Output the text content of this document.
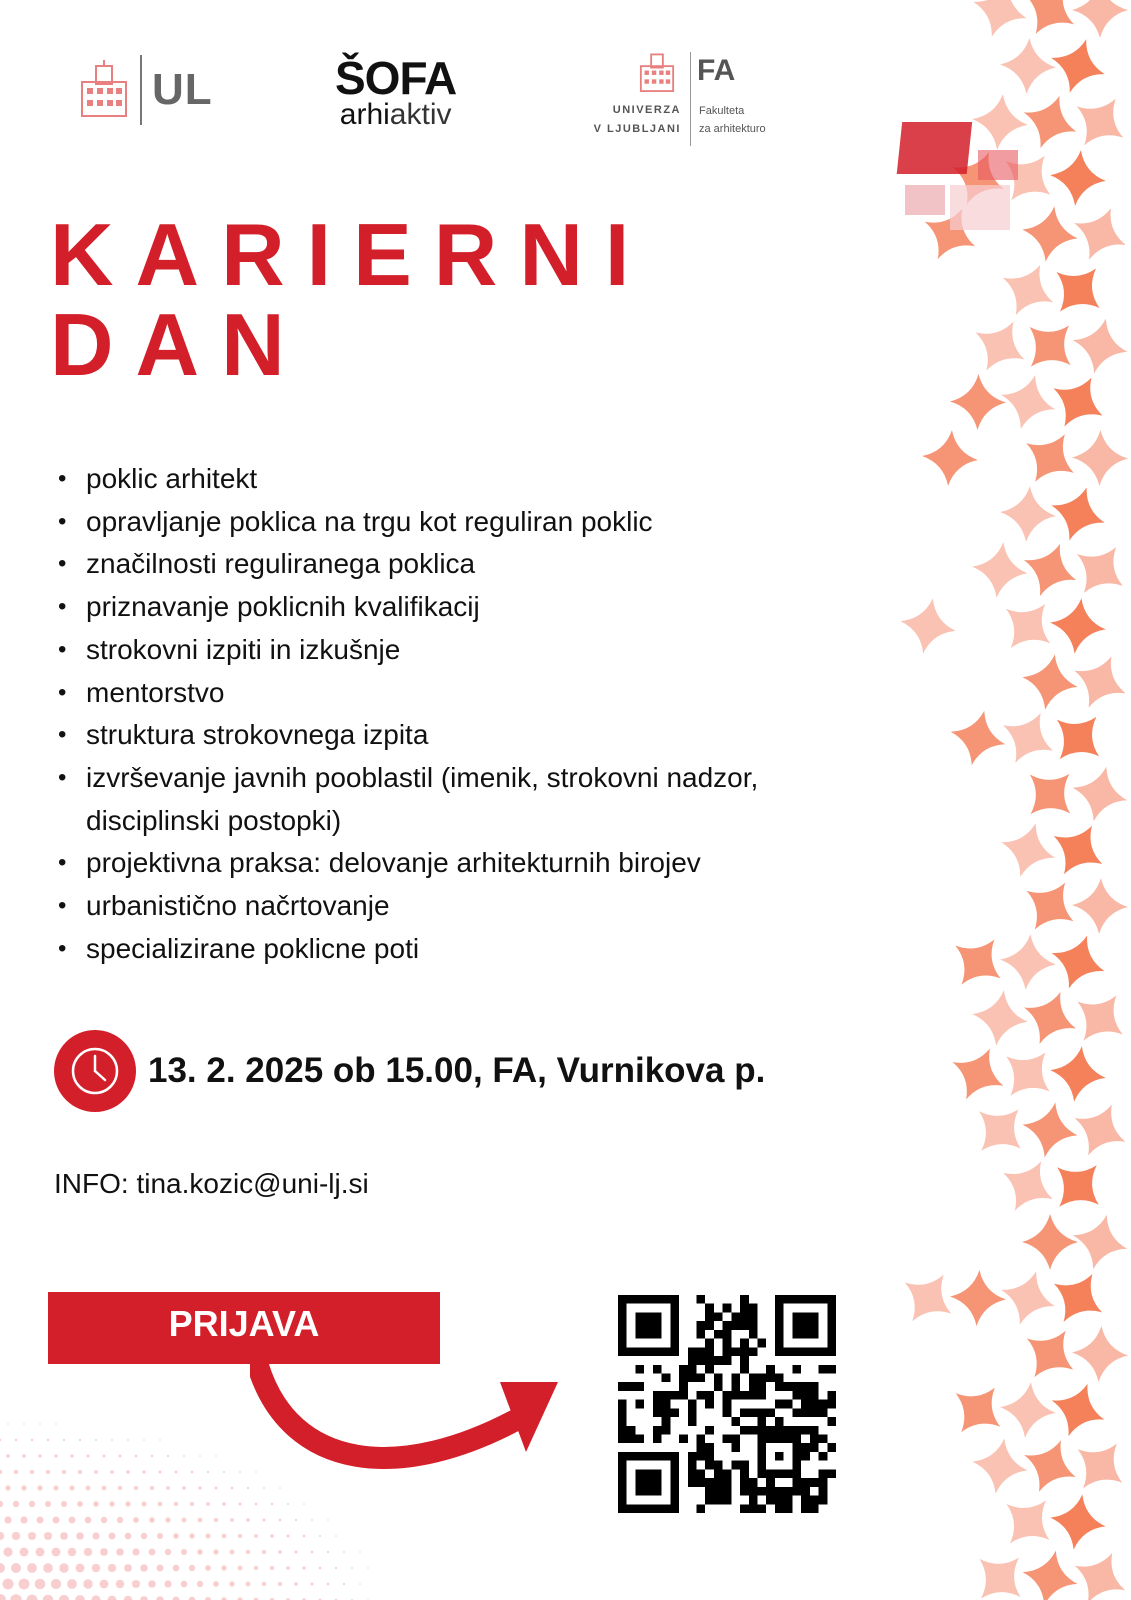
UL	ŠOFA
arhiaktiv
FA
UNIVERZA
V LJUBLJANI
Fakulteta
za arhitekturo
KARIERNI
DAN
• poklic arhitekt
• opravljanje poklica na trgu kot reguliran poklic
• značilnosti reguliranega poklica
• priznavanje poklicnih kvalifikacij
• strokovni izpiti in izkušnje
• mentorstvo
• struktura strokovnega izpita
• izvrševanje javnih pooblastil (imenik, strokovni nadzor, disciplinski postopki)
• projektivna praksa: delovanje arhitekturnih birojev
• urbanistično načrtovanje
• specializirane poklicne poti
13. 2. 2025 ob 15.00, FA, Vurnikova p.
INFO: tina.kozic@uni-lj.si
PRIJAVA
